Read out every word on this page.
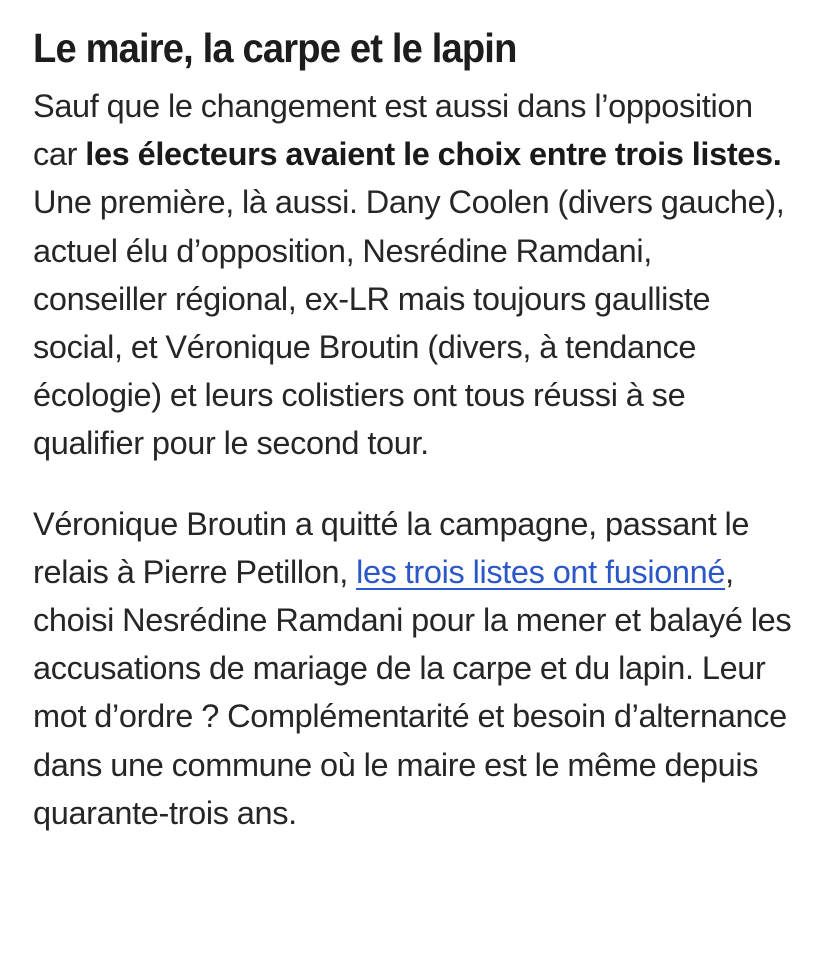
Le maire, la carpe et le lapin

Sauf que le changement est aussi dans l’opposition car les électeurs avaient le choix entre trois listes. Une première, là aussi. Dany Coolen (divers gauche), actuel élu d’opposition, Nesrédine Ramdani, conseiller régional, ex-LR mais toujours gaulliste social, et Véronique Broutin (divers, à tendance écologie) et leurs colistiers ont tous réussi à se qualifier pour le second tour.

Véronique Broutin a quitté la campagne, passant le relais à Pierre Petillon, les trois listes ont fusionné, choisi Nesrédine Ramdani pour la mener et balayé les accusations de mariage de la carpe et du lapin. Leur mot d’ordre ? Complémentarité et besoin d’alternance dans une commune où le maire est le même depuis quarante-trois ans.
